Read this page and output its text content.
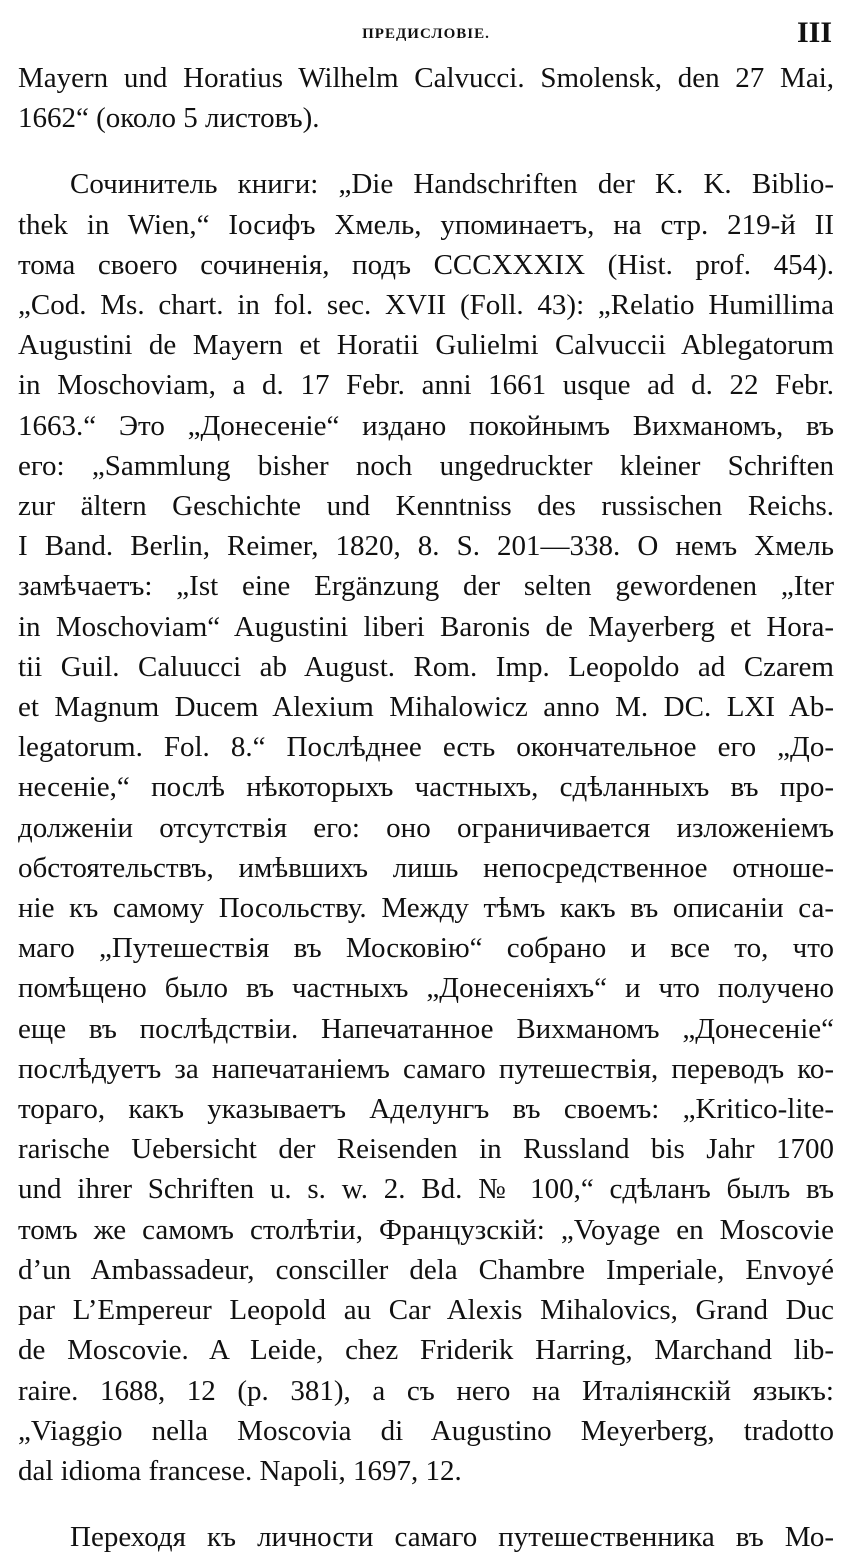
ПРЕДИСЛОВІЕ.	III
Mayern und Horatius Wilhelm Calvucci. Smolensk, den 27 Mai,
1662“ (около 5 листовъ).
Сочинитель книги: „Die Handschriften der K. K. Biblio-
thek in Wien,“ Іосифъ Хмель, упоминаетъ, на стр. 219-й II
тома своего сочиненія, подъ CCCXXXIX (Hist. prof. 454).
„Cod. Ms. chart. in fol. sec. XVII (Foll. 43): „Relatio Humillima
Augustini de Mayern et Horatii Gulielmi Calvuccii Ablegatorum
in Moschoviam, a d. 17 Febr. anni 1661 usque ad d. 22 Febr.
1663.“ Это „Донесеніе“ издано покойнымъ Вихманомъ, въ
его: „Sammlung bisher noch ungedruckter kleiner Schriften
zur ältern Geschichte und Kenntniss des russischen Reichs.
I Band. Berlin, Reimer, 1820, 8. S. 201—338. О немъ Хмель
замѣчаетъ: „Ist eine Ergänzung der selten gewordenen „Iter
in Moschoviam“ Augustini liberi Baronis de Mayerberg et Hora-
tii Guil. Caluucci ab August. Rom. Imp. Leopoldo ad Czarem
et Magnum Ducem Alexium Mihalowicz anno M. DC. LXI Ab-
legatorum. Fol. 8.“ Послѣднее есть окончательное его „До-
несеніе,“ послѣ нѣкоторыхъ частныхъ, сдѣланныхъ въ про-
долженіи отсутствія его: оно ограничивается изложеніемъ
обстоятельствъ, имѣвшихъ лишь непосредственное отноше-
ніе къ самому Посольству. Между тѣмъ какъ въ описаніи са-
маго „Путешествія въ Московію“ собрано и все то, что
помѣщено было въ частныхъ „Донесеніяхъ“ и что получено
еще въ послѣдствіи. Напечатанное Вихманомъ „Донесеніе“
послѣдуетъ за напечатаніемъ самаго путешествія, переводъ ко-
тораго, какъ указываетъ Аделунгъ въ своемъ: „Kritico-lite-
rarische Uebersicht der Reisenden in Russland bis Jahr 1700
und ihrer Schriften u. s. w. 2. Bd. № 100,“ сдѣланъ былъ въ
томъ же самомъ столѣтіи, Французскій: „Voyage en Moscovie
d’un Ambassadeur, consciller dela Chambre Imperiale, Envoyé
par L’Empereur Leopold au Car Alexis Mihalovics, Grand Duc
de Moscovie. A Leide, chez Friderik Harring, Marchand lib-
raire. 1688, 12 (p. 381), а съ него на Италіянскій языкъ:
„Viaggio nella Moscovia di Augustino Meyerberg, tradotto
dal idioma francese. Napoli, 1697, 12.
Переходя къ личности самаго путешественника въ Мо-
